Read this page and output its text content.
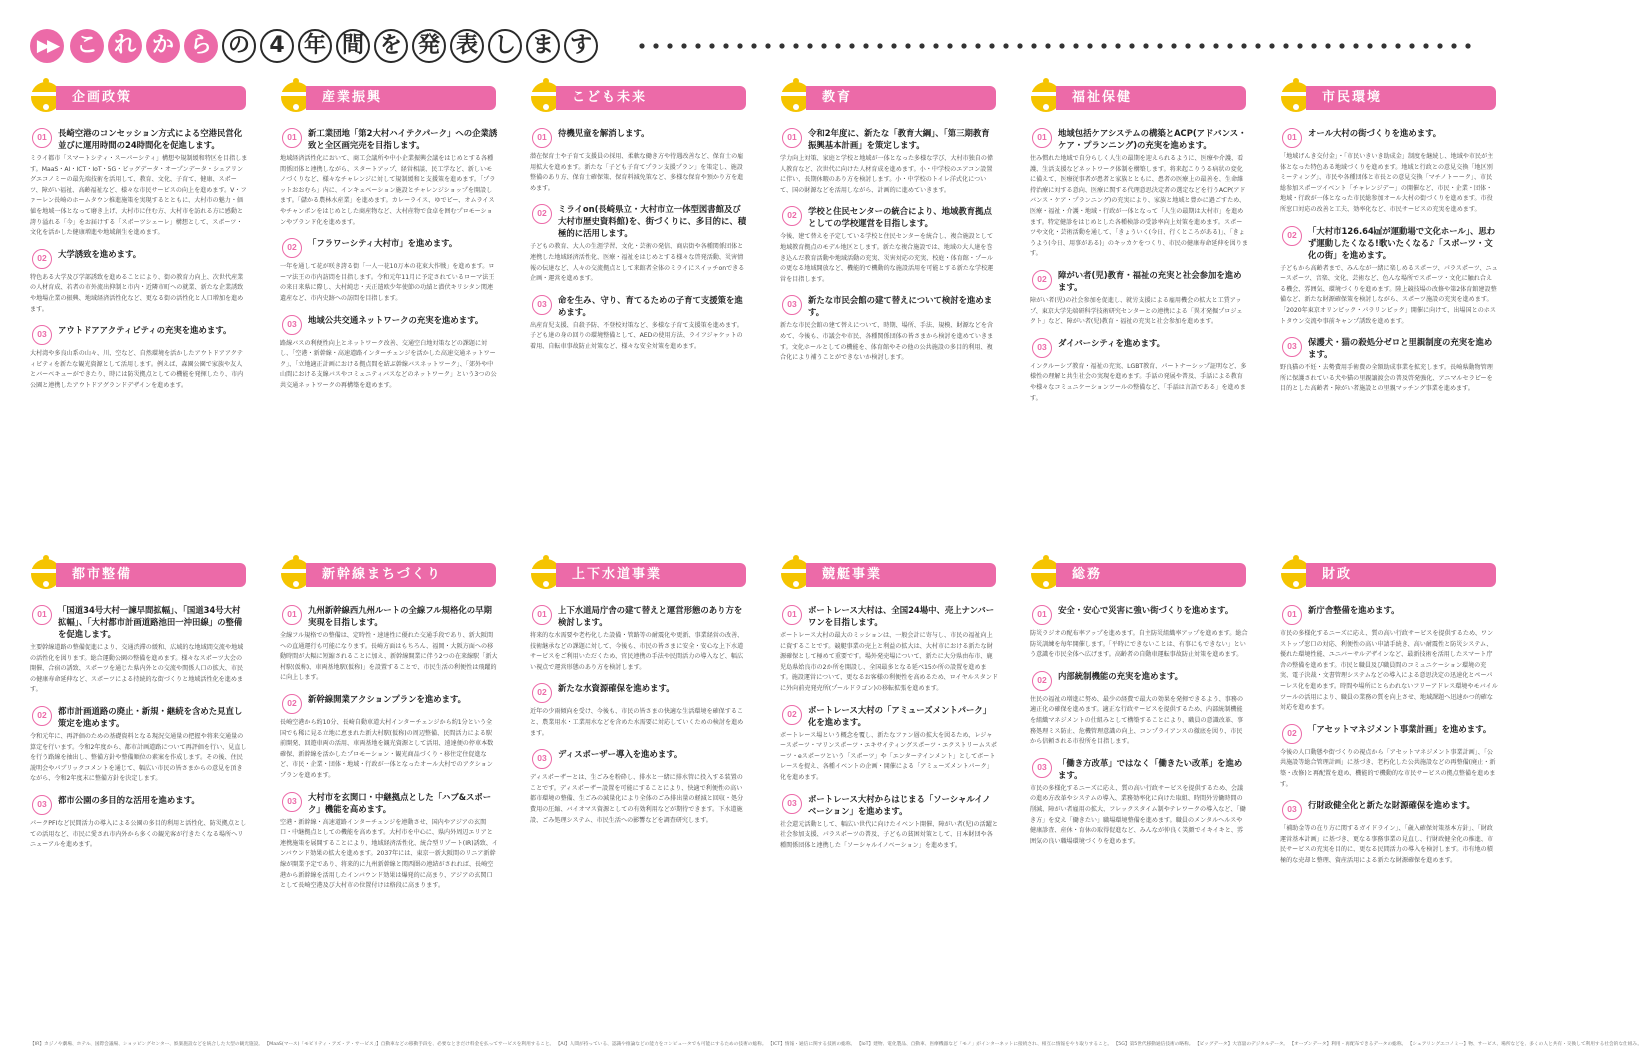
▶▶ こ れ か ら の 4 年 間 を 発 表 し ま す
企画政策
01	長崎空港のコンセッション方式による空港民営化並びに運用時間の24時間化を促進します。
ミライ都市「スマートシティ・スーパーシティ」構想や規制緩和特区を目指します。MaaS・AI・ICT・IoT・5G・ビッグデータ・オープンデータ・シェアリングエコノミーの最先端技術を活用して、教育、文化、子育て、健康、スポーツ、障がい福祉、高齢福祉など、様々な市民サービスの向上を進めます。V・ファーレン長崎のホームタウン推進施策を実現するとともに、大村市の魅力・価値を地域一体となって磨き上げ、大村市に住む方、大村市を訪れる方に感動と誇り溢れる「今」をお届けする「スポーツシェーレ」構想として、スポーツ・文化を活かした健康増進や地域創生を進めます。
02	大学誘致を進めます。
特色ある大学及び学部誘致を進めることにより、街の教育力向上、次世代産業の人材育成、若者の市外流出抑制と市内・近隣市町への就業、新たな企業誘致や地場企業の振興、地域経済活性化など、更なる街の活性化と人口増加を進めます。
03	アウトドアアクティビティの充実を進めます。
大村湾や多良山系の山々、川、空など、自然環境を活かしたアウトドアアクティビティを新たな観光資源として活用します。例えば、森園公園で家族や友人とバーベキューができたり、時には防災拠点としての機能を発揮したり、市内公園と連携したアウトドアグランドデザインを進めます。
産業振興
01	新工業団地「第2大村ハイテクパーク」への企業誘致と全区画完売を目指します。
地域経済活性化において、商工会議所や中小企業振興会議をはじめとする各種関係団体と連携しながら、スタートアップ、経営相談、民工学など、新しいモノづくりなど、様々なチャレンジに対して規制緩和と支援策を進めます。「プラットおおむら」内に、インキュベーション施設とチャレンジショップを開設します。「儲かる農林水産業」を進めます。カレーライス、ゆでピー、オムライスやチャンポンをはじめとした商産物など、大村産物で食卓を囲むプロモーションやブランド化を進めます。
02	「フラワーシティ大村市」を進めます。
一年を通して花が咲き誇る街「一人一花10万本の花束大作戦」を進めます。ローマ法王の市内訪問を目指します。令和元年11月に予定されているローマ法王の来日来県に際し、大村純忠・天正遣欧少年使節の功績と潜伏キリシタン関連遺産など、市内史跡への訪問を目指します。
03	地域公共交通ネットワークの充実を進めます。
路線バスの利便性向上とネットワーク改善、交通空白地対策などの課題に対し、「空港・新幹線・高速道路インターチェンジを活かした高速交通ネットワーク」、「立地適正計画における拠点間を結ぶ幹線バスネットワーク」、「郊外や中山間における支線バスやコミュニティバスなどのネットワーク」という3つの公共交通ネットワークの再構築を進めます。
こども未来
01	待機児童を解消します。
潜在保育士や子育て支援員の採用、柔軟な働き方や待遇改善など、保育士の雇用拡大を進めます。新たな「子ども子育てプラン支援プラン」を策定し、施設整備のあり方、保育士確保策、保育料減免策など、多様な保育や預かり方を進めます。
02	ミライon(長崎県立・大村市立一体型図書館及び大村市歴史資料館)を、街づくりに、多目的に、積極的に活用します。
子どもの教育、大人の生涯学習、文化・芸術の発信、商店街や各種関係団体と連携した地域経済活性化、医療・福祉をはじめとする様々な啓発活動、災害情報の伝達など、人々の交流拠点として来館者全体のミライにスイッチonできる企画・運営を進めます。
03	命を生み、守り、育てるための子育て支援策を進めます。
出産育児支援、自殺予防、不登校対策など、多様な子育て支援策を進めます。子ども達の身の回りの環境整備として、AEDの使用方法、ライフジャケットの着用、自転車事故防止対策など、様々な安全対策を進めます。
教育
01	令和2年度に、新たな「教育大綱」、「第三期教育振興基本計画」を策定します。
学力向上対策、家庭と学校と地域が一体となった多様な学び、大村市独自の偉人教育など、次世代に向けた人材育成を進めます。小・中学校のエアコン設置に伴い、長期休暇のあり方を検討します。小・中学校のトイレ洋式化について、国の財源などを活用しながら、計画的に進めていきます。
02	学校と住民センターの統合により、地域教育拠点としての学校運営を目指します。
今後、建て替えを予定している学校と住民センターを統合し、複合施設として地域教育拠点のモデル地区とします。新たな複合施設では、地域の大人達を巻き込んだ教育活動や地域活動の充実、災害対応の充実、校庭・体育館・プールの更なる地域開放など、機能的で機動的な施設活用を可能とする新たな学校運営を目指します。
03	新たな市民会館の建て替えについて検討を進めます。
新たな市民会館の建て替えについて、時期、場所、手法、規模、財源などを含めて、今後も、市議会や市民、各種関係団体の皆さまから検討を進めていきます。文化ホールとしての機能を、体育館やその他の公共施設の多目的利用、複合化により補うことができないか検討します。
福祉保健
01	地域包括ケアシステムの構築とACP(アドバンス・ケア・プランニング)の充実を進めます。
住み慣れた地域で自分らしく人生の最期を迎えられるように、医療や介護、看護、生活支援などネットワーク体制を構築します。将来起こりうる病状の変化に備えて、医療従事者が患者と家族とともに、患者の医療上の最善を、生命維持治療に対する意向、医療に関する代理意思決定者の選定などを行うACP(アドバンス・ケア・プランニング)の充実により、家族と地域と豊かに過ごすため、医療・福祉・介護・地域・行政が一体となって「人生の最期は大村市」を進めます。特定健診をはじめとした各種検診の受診率向上対策を進めます。スポーツや文化・芸術活動を通して、「きょういく(今日、行くところがある)」、「きょうよう(今日、用事がある)」のキッカケをつくり、市民の健康寿命延伸を図ります。
02	障がい者(児)教育・福祉の充実と社会参加を進めます。
障がい者(児)の社会参加を促進し、就労支援による雇用機会の拡大と工賃アップ、東京大学先端研科学技術研究センターとの連携による「異才発掘プロジェクト」など、障がい者(児)教育・福祉の充実と社会参加を進めます。
03	ダイバーシティを進めます。
インクルーシブ教育・福祉の充実、LGBT教育、パートナーシップ証明など、多様性の理解と共生社会の実現を進めます。手話の発展や普及、手話による教育や様々なコミュニケーションツールの整備など、「手話は言語である」を進めます。
市民環境
01	オール大村の街づくりを進めます。
「地域げんき交付金」・「市民いきいき助成金」制度を継続し、地域や市民が主体となった特色ある地域づくりを進めます。地域と行政との意見交換「地区別ミーティング」、市民や各種団体と市長との意見交換「マチノトーーク」、市民総参加スポーツイベント「チャレンジデー」の開催など、市民・企業・団体・地域・行政が一体となった市民総参加オール大村の街づくりを進めます。市役所窓口対応の改善と工夫、効率化など、市民サービスの充実を進めます。
02	「大村市126.64㎢が運動場で文化ホール」、思わず運動したくなる!歌いたくなる♪「スポーツ・文化の街」を進めます。
子どもから高齢者まで、みんなが一緒に楽しめるスポーツ、パラスポーツ、ニュースポーツ、音楽、文化、芸術など、色んな場所でスポーツ・文化に触れ合える機会、雰囲気、環境づくりを進めます。陸上競技場の改修や第2体育館建設整備など、新たな財源確保策を検討しながら、スポーツ施設の充実を進めます。「2020年東京オリンピック・パラリンピック」開催に向けて、出場国とのホストタウン交流や事前キャンプ誘致を進めます。
03	保護犬・猫の殺処分ゼロと里親制度の充実を進めます。
野良猫の不妊・去勢費用手術費の全額助成事業を拡充します。長崎県動物管理所に保護されている犬や猫の里親譲渡会の普及啓発強化、アニマルセラピーを目的とした高齢者・障がい者施設との里親マッチング事業を進めます。
都市整備
01	「国道34号大村一諫早間拡幅」、「国道34号大村拡幅」、「大村都市計画道路池田一沖田線」の整備を促進します。
主要幹線道路の整備促進により、交通渋滞の緩和、広域的な地域間交流や地域の活性化を図ります。総合運動公園の整備を進めます。様々なスポーツ大会の開催、合宿の誘致、スポーツを通じた県内外との交流や関係人口の拡大、市民の健康寿命延伸など、スポーツによる持続的な街づくりと地域活性化を進めます。
02	都市計画道路の廃止・新規・継続を含めた見直し策定を進めます。
令和元年に、再評価のための基礎資料となる現況交通量の把握や将来交通量の算定を行います。令和2年度から、都市計画道路について再評価を行い、見直しを行う路線を抽出し、整備方針や整備順位の素案を作成します。その後、住民説明会やパブリックコメントを通じて、幅広い市民の皆さまからの意見を頂きながら、令和2年度末に整備方針を決定します。
03	都市公園の多目的な活用を進めます。
パークPFIなど民間活力の導入による公園の多目的利用と活性化、防災拠点としての活用など、市民に愛され市内外から多くの観光客が行きたくなる場所へリニューアルを進めます。
新幹線まちづくり
01	九州新幹線西九州ルートの全線フル規格化の早期実現を目指します。
全線フル規格での整備は、定時性・速達性に優れた交通手段であり、新大阪間への直通運行も可能になります。長崎方面はもちろん、福岡・大阪方面への移動時間が大幅に短縮されることに加え、新幹線開業に伴う2つの在来線駅「新大村駅(仮称)、車両基地駅(仮称)」を設置することで、市民生活の利便性は飛躍的に向上します。
02	新幹線開業アクションプランを進めます。
長崎空港から約10分、長崎自動車道大村インターチェンジから約1分という全国でも稀に見る立地に恵まれた新大村駅(仮称)の周辺整備、民間活力による駅前開発、回遊車両の活用、車両基地を観光資源として活用、遠達便の停車本数確保、新幹線を活かしたプロモーション・観光商品づくり・移住定住促進など、市民・企業・団体・地域・行政が一体となったオール大村でのアクションプランを進めます。
03	大村市を玄関口・中継拠点とした「ハブ&スポーク」機能を高めます。
空港・新幹線・高速道路インターチェンジを連動させ、国内やアジアの玄関口・中継拠点としての機能を高めます。大村市を中心に、県内外周辺エリアと連携施策を展開することにより、地域経済活性化、統合型リゾート(IR)誘致、インバウンド効果の拡大を進めます。2037年には、東京一新大阪間のリニア新幹線が開業予定であり、将来的に九州新幹線と関西圏の連結がされれば、長崎空港から新幹線を活用したインバウンド効果は爆発的に高まり、アジアの玄関口として長崎空港及び大村市の位置付けは格段に高まります。
上下水道事業
01	上下水道局庁舎の建て替えと運営形態のあり方を検討します。
将来的な水需要や老朽化した設備・管路等の耐震化や更新、事業経営の改善、技術継承などの課題に対して、今後も、市民の皆さまに安全・安心な上下水道サービスをご利用いただくため、官民連携の手法や民間活力の導入など、幅広い視点で運営形態のあり方を検討します。
02	新たな水資源確保を進めます。
近年の少雨傾向を受け、今後も、市民の皆さまの快適な生活環境を確保すること、農業用水・工業用水などを含めた水需要に対応していくための検討を進めます。
03	ディスポーザー導入を進めます。
ディスポーザーとは、生ごみを粉砕し、排水と一緒に排水管に投入する装置のことです。ディスポーザー設置を可能にすることにより、快適で利便性の高い都市環境の整備、生ごみの減量化により全体のごみ排出量の軽減と回収・処分費用の圧縮、バイオマス資源としての有効利用などが期待できます。下水道施設、ごみ処理システム、市民生活への影響などを調査研究します。
競艇事業
01	ボートレース大村は、全国24場中、売上ナンバーワンを目指します。
ボートレース大村の最大のミッションは、一般会計に寄与し、市民の福祉向上に資することです。競艇事業の売上と利益の拡大は、大村市における新たな財源確保として極めて重要です。場外発売場について、新たに大分県由布市、鹿児島県姶良市の2か所を開設し、全国最多となる延べ15か所の設置を進めます。施設運営について、更なるお客様の利便性を高めるため、ロイヤルスタンドに外向前売発売所(プールドラゴン)の移転拡張を進めます。
02	ボートレース大村の「アミューズメントパーク」化を進めます。
ボートレース場という概念を覆し、新たなファン層の拡大を図るため、レジャースポーツ・マリンスポーツ・エキサイティングスポーツ・エクストリームスポーツ・eスポーツという「スポーツ」や「エンターテインメント」としてボートレースを捉え、各種イベントの企画・開催による「アミューズメントパーク」化を進めます。
03	ボートレース大村からはじまる「ソーシャルイノベーション」を進めます。
社会還元活動として、幅広い世代に向けたイベント開催、障がい者(児)の活躍と社会参加支援、パラスポーツの普及、子どもの貧困対策として、日本財団や各種関係団体と連携した「ソーシャルイノベーション」を進めます。
総務
01	安全・安心で災害に強い街づくりを進めます。
防災ラジオの配布率アップを進めます。自主防災組織率アップを進めます。総合防災訓練を毎年開催します。「平時にできないことは、有事にもできない」という意識を市民全体へ広げます。高齢者の自動車運転事故防止対策を進めます。
02	内部統制機能の充実を進めます。
住民の福祉の増進に努め、最少の経費で最大の効果を発揮できるよう、事務の適正化の確保を進めます。適正な行政サービスを提供するため、内部統制機能を組織マネジメントの仕組みとして構築することにより、職員の意識改革、事務処理ミス防止、危機管理意識の向上、コンプライアンスの徹底を図り、市民から信頼される市役所を目指します。
03	「働き方改革」ではなく「働きたい改革」を進めます。
市民の多様化するニーズに応え、質の高い行政サービスを提供するため、会議の進め方改革やシステムの導入、業務効率化に向けた取組、時間外労働時間の削減、障がい者雇用の拡大、フレックスタイム制やテレワークの導入など、「働き方」を変え「働きたい」職場環境整備を進めます。職員のメンタルヘルスや健康診査、産休・育休の取得促進など、みんなが仲良く笑顔でイキイキと、雰囲気の良い職場環境づくりを進めます。
財政
01	新庁舎整備を進めます。
市民の多様化するニーズに応え、質の高い行政サービスを提供するため、ワンストップ窓口の対応、利便性の高い申請手続き、高い耐震性と防災システム、優れた環境性能、ユニバーサルデザインなど、最新技術を活用したスマート庁舎の整備を進めます。市民と職員及び職員間のコミュニケーション環境の充実、電子決裁・文書管理システムなどの導入による意思決定の迅速化とペーパーレス化を進めます。時間や場所にとらわれないフリーアドレス環境やモバイルツールの活用により、職員の業務の質を向上させ、地域課題へ迅速かつ的確な対応を進めます。
02	「アセットマネジメント事業計画」を進めます。
今後の人口動態や街づくりの視点から「アセットマネジメント事業計画」、「公共施設等総合管理計画」に基づき、老朽化した公共施設などの再整備(廃止・新築・改修)と再配置を進め、機能的で機動的な市民サービスの拠点整備を進めます。
03	行財政健全化と新たな財源確保を進めます。
「補助金等の在り方に関するガイドライン」、「歳入確保対策基本方針」、「財政運営基本計画」に基づき、更なる事務事業の見直し、行財政健全化の推進、市民サービスの充実を目的に、更なる民間活力の導入を検討します。市有地の積極的な売却と整理、資産活用による新たな財源確保を進めます。
【IR】カジノや劇場、ホテル、国際会議場、ショッピングセンター、娯楽施設などを統合した大型の観光施設。 【MaaS(マース)「モビリティ・アズ・ア・サービス」】自動車などの移動手段を、必要なときだけ料金を払ってサービスを利用すること。 【AI】人間が持っている、認識や推論などの能力をコンピュータでも可能にするための技術の総称。 【ICT】情報・通信に関する技術の総称。 【IoT】建物、電化製品、自動車、医療機器など「モノ」がインターネットに接続され、相互に情報をやり取りすること。 【5G】第5世代移動通信技術の略称。 【ビッグデータ】大容量のデジタルデータ。 【オープンデータ】利用・再配布できるデータの総称。 【シェアリングエコノミー】物、サービス、場所などを、多くの人と共有・交換して利用する社会的な仕組み。
